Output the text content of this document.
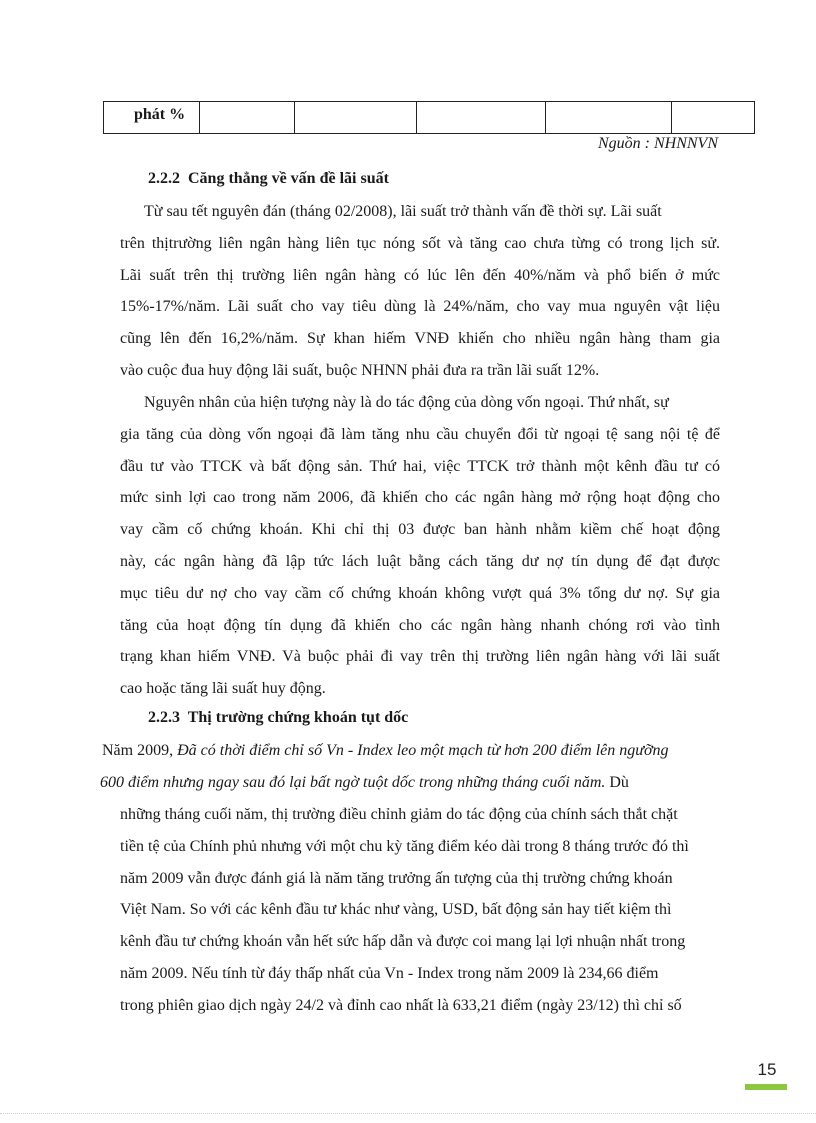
phát %					
Nguồn : NHNNVN
2.2.2 Căng thẳng về vấn đề lãi suất
Từ sau tết nguyên đán (tháng 02/2008), lãi suất trở thành vấn đề thời sự. Lãi suất
trên thịtrường liên ngân hàng liên tục nóng sốt và tăng cao chưa từng có trong lịch sử.
Lãi suất trên thị trường liên ngân hàng có lúc lên đến 40%/năm và phổ biến ở mức
15%-17%/năm. Lãi suất cho vay tiêu dùng là 24%/năm, cho vay mua nguyên vật liệu
cũng lên đến 16,2%/năm. Sự khan hiếm VNĐ khiến cho nhiều ngân hàng tham gia
vào cuộc đua huy động lãi suất, buộc NHNN phải đưa ra trần lãi suất 12%.
Nguyên nhân của hiện tượng này là do tác động của dòng vốn ngoại. Thứ nhất, sự
gia tăng của dòng vốn ngoại đã làm tăng nhu cầu chuyển đổi từ ngoại tệ sang nội tệ để
đầu tư vào TTCK và bất động sản. Thứ hai, việc TTCK trở thành một kênh đầu tư có
mức sinh lợi cao trong năm 2006, đã khiến cho các ngân hàng mở rộng hoạt động cho
vay cầm cố chứng khoán. Khi chỉ thị 03 được ban hành nhằm kiềm chế hoạt động
này, các ngân hàng đã lập tức lách luật bằng cách tăng dư nợ tín dụng để đạt được
mục tiêu dư nợ cho vay cầm cố chứng khoán không vượt quá 3% tổng dư nợ. Sự gia
tăng của hoạt động tín dụng đã khiến cho các ngân hàng nhanh chóng rơi vào tình
trạng khan hiếm VNĐ. Và buộc phải đi vay trên thị trường liên ngân hàng với lãi suất
cao hoặc tăng lãi suất huy động.
2.2.3 Thị trường chứng khoán tụt dốc
Năm 2009, Đã có thời điểm chỉ số Vn - Index leo một mạch từ hơn 200 điểm lên ngưỡng
600 điểm nhưng ngay sau đó lại bất ngờ tuột dốc trong những tháng cuối năm. Dù
những tháng cuối năm, thị trường điều chỉnh giảm do tác động của chính sách thắt chặt
tiền tệ của Chính phủ nhưng với một chu kỳ tăng điểm kéo dài trong 8 tháng trước đó thì
năm 2009 vẫn được đánh giá là năm tăng trưởng ấn tượng của thị trường chứng khoán
Việt Nam. So với các kênh đầu tư khác như vàng, USD, bất động sản hay tiết kiệm thì
kênh đầu tư chứng khoán vẫn hết sức hấp dẫn và được coi mang lại lợi nhuận nhất trong
năm 2009. Nếu tính từ đáy thấp nhất của Vn - Index trong năm 2009 là 234,66 điểm
trong phiên giao dịch ngày 24/2 và đỉnh cao nhất là 633,21 điểm (ngày 23/12) thì chỉ số
15
